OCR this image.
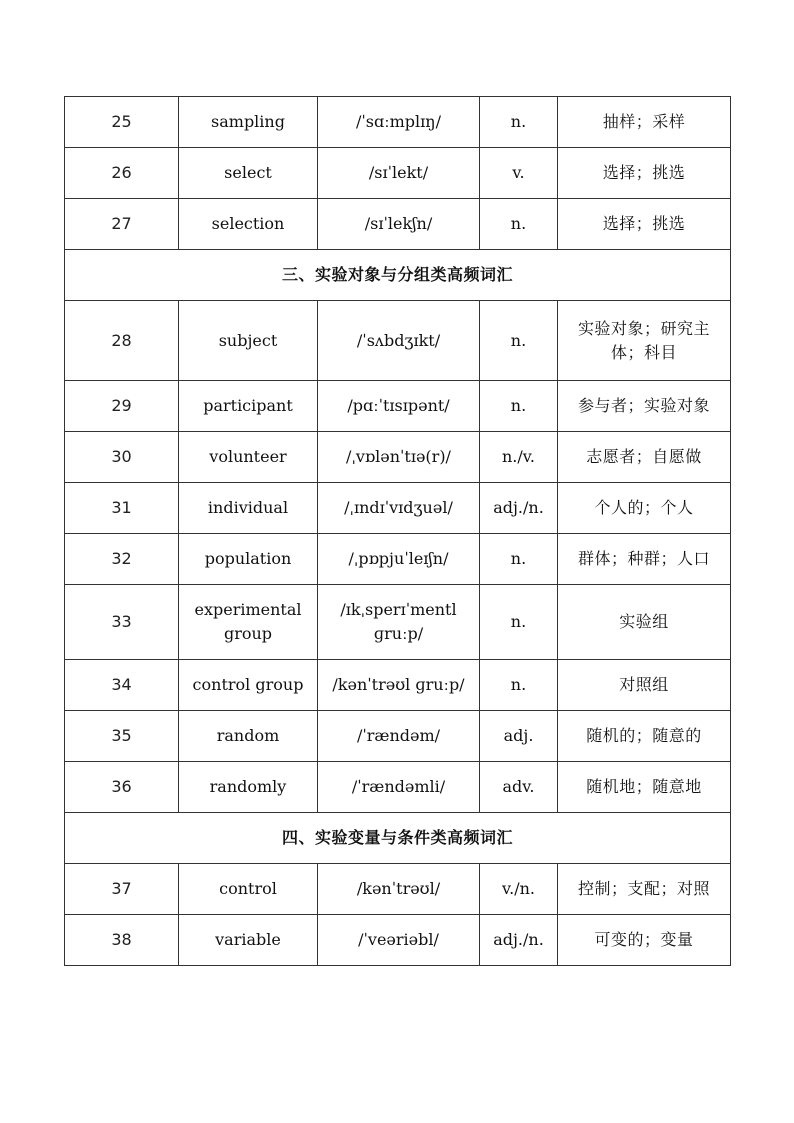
25	sampling	/ˈsɑːmplɪŋ/	n.	抽样；采样
26	select	/sɪˈlekt/	v.	选择；挑选
27	selection	/sɪˈlekʃn/	n.	选择；挑选
三、实验对象与分组类高频词汇				
28	subject	/ˈsʌbdʒɪkt/	n.	实验对象；研究主体；科目
29	participant	/pɑːˈtɪsɪpənt/	n.	参与者；实验对象
30	volunteer	/ˌvɒlənˈtɪə(r)/	n./v.	志愿者；自愿做
31	individual	/ˌɪndɪˈvɪdʒuəl/	adj./n.	个人的；个人
32	population	/ˌpɒpjuˈleɪʃn/	n.	群体；种群；人口
33	experimental group	/ɪkˌsperɪˈmentl ɡruːp/	n.	实验组
34	control group	/kənˈtrəʊl ɡruːp/	n.	对照组
35	random	/ˈrændəm/	adj.	随机的；随意的
36	randomly	/ˈrændəmli/	adv.	随机地；随意地
四、实验变量与条件类高频词汇				
37	control	/kənˈtrəʊl/	v./n.	控制；支配；对照
38	variable	/ˈveəriəbl/	adj./n.	可变的；变量
